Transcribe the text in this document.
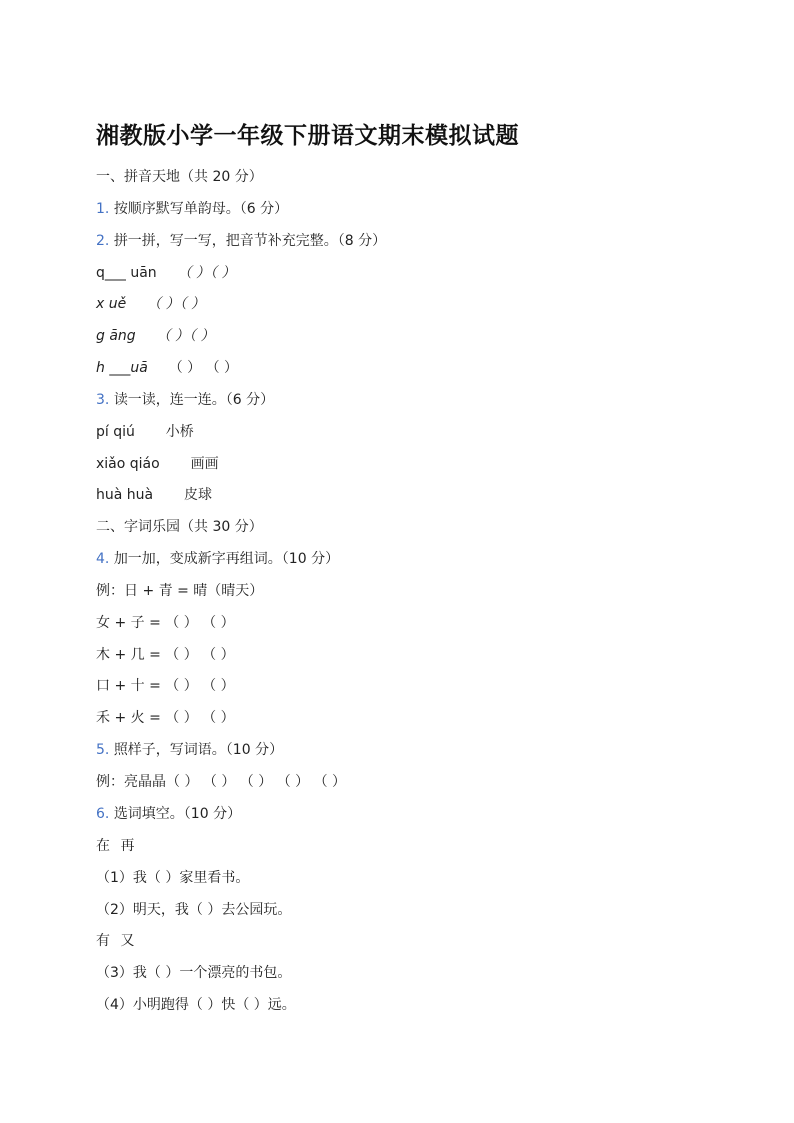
湘教版小学一年级下册语文期末模拟试题
一、拼音天地（共 20 分）
1. 按顺序默写单韵母。（6 分）
2. 拼一拼，写一写，把音节补充完整。（8 分）
q___ uān （ ）（ ）
x uě （ ）（ ）
g āng （ ）（ ）
h ___uā （ ） （ ）
3. 读一读，连一连。（6 分）
pí qiú 小桥
xiǎo qiáo 画画
huà huà 皮球
二、字词乐园（共 30 分）
4. 加一加，变成新字再组词。（10 分）
例：日 + 青 = 晴（晴天）
女 + 子 = （ ） （ ）
木 + 几 = （ ） （ ）
口 + 十 = （ ） （ ）
禾 + 火 = （ ） （ ）
5. 照样子，写词语。（10 分）
例：亮晶晶（ ） （ ） （ ） （ ） （ ）
6. 选词填空。（10 分）
在 再
（1）我（ ）家里看书。
（2）明天，我（ ）去公园玩。
有 又
（3）我（ ）一个漂亮的书包。
（4）小明跑得（ ）快（ ）远。
